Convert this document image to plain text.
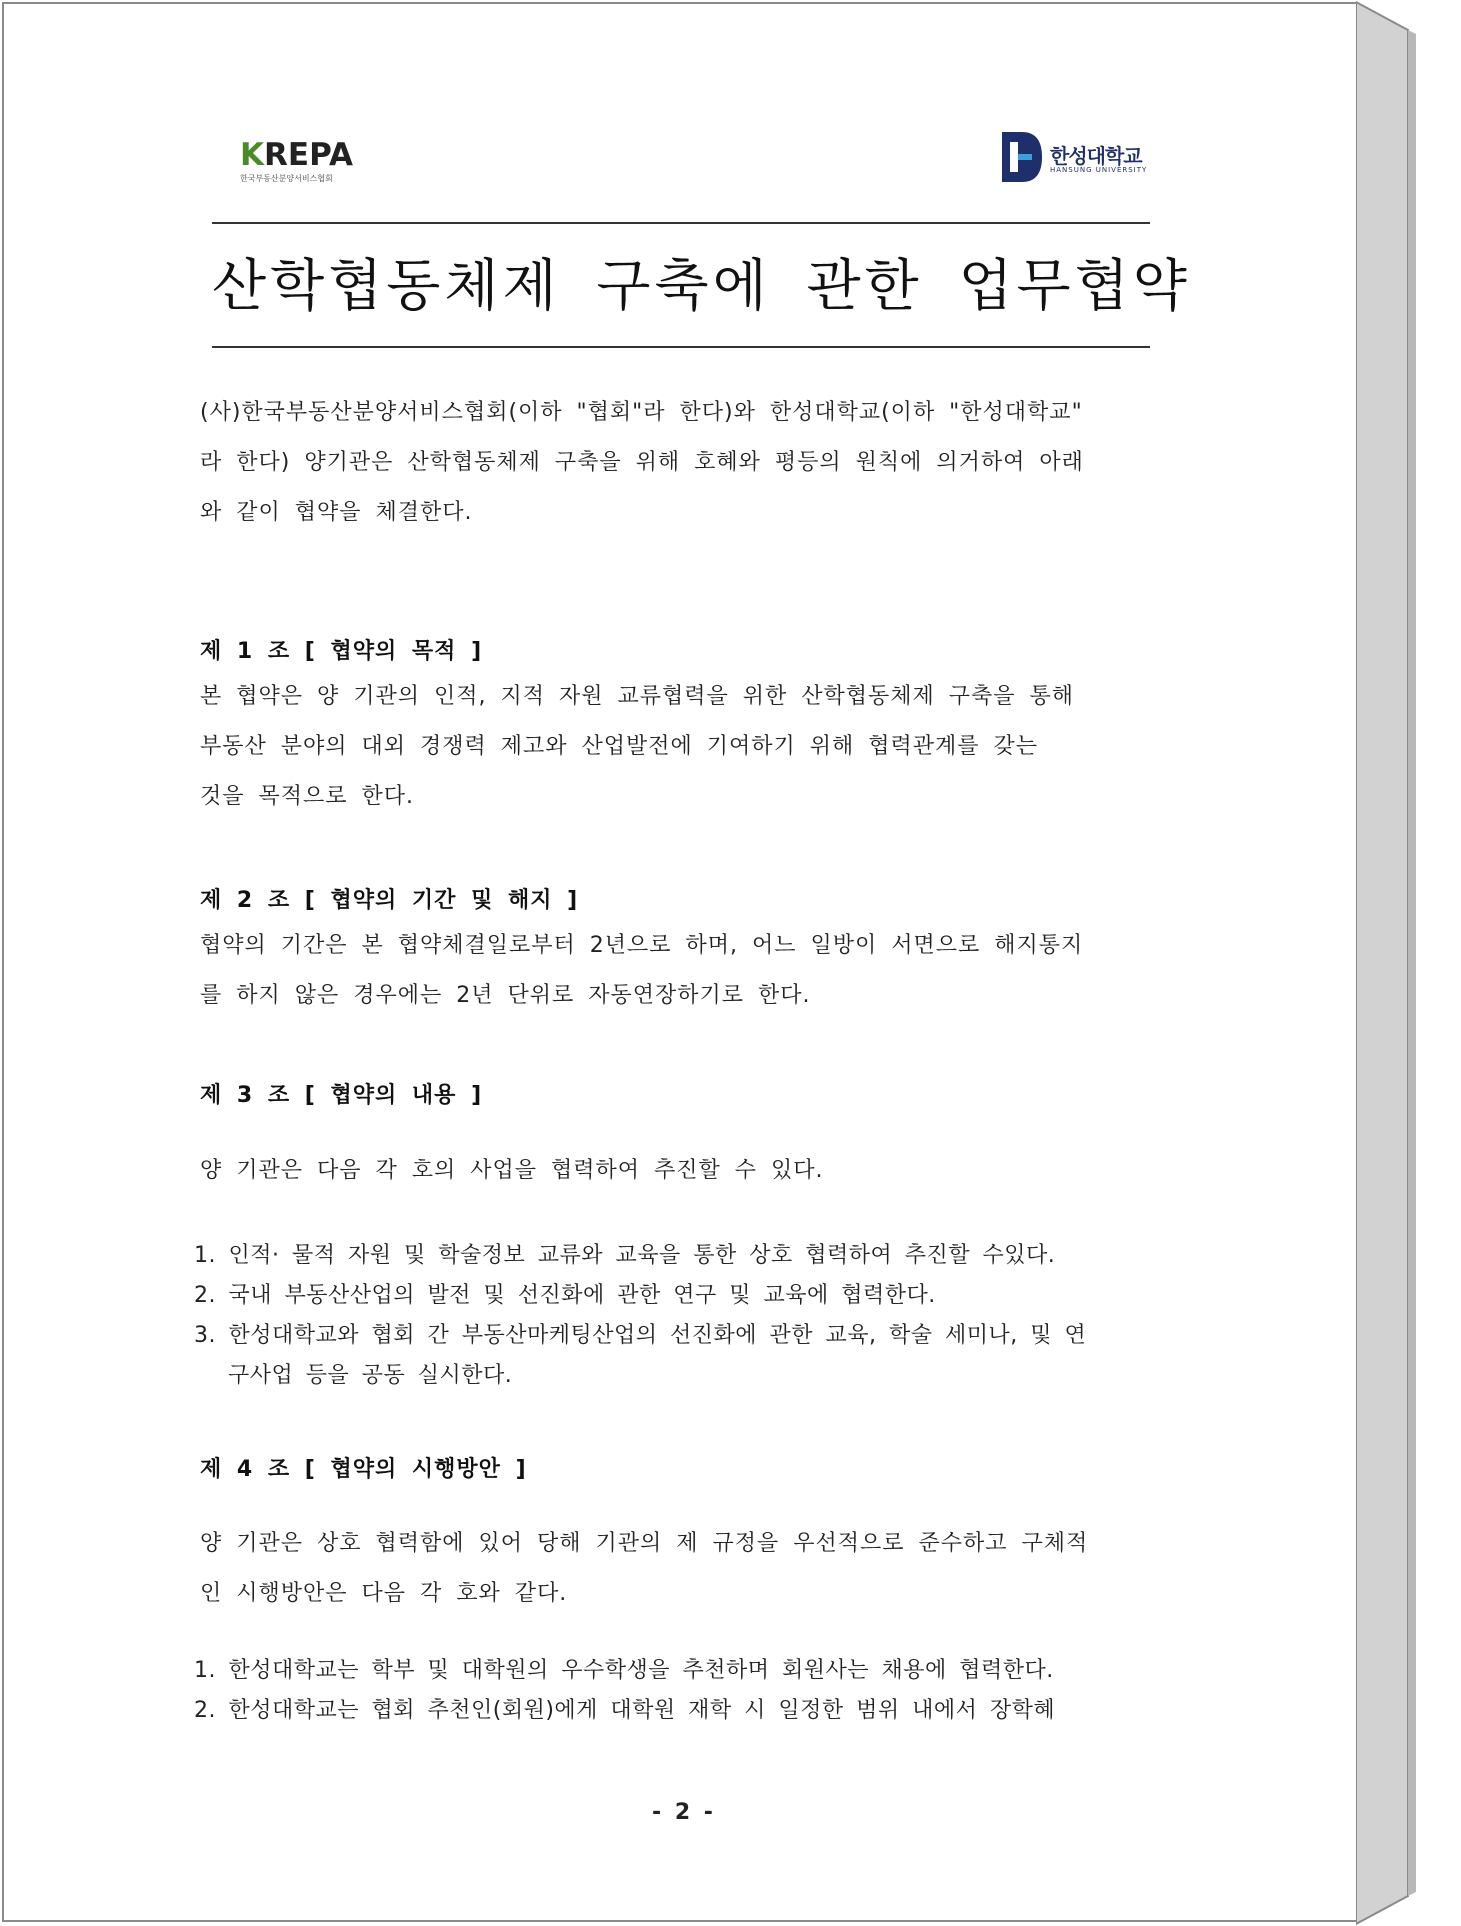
KREPA
한국부동산분양서비스협회
한성대학교
HANSUNG UNIVERSITY
산학협동체제 구축에 관한 업무협약
(사)한국부동산분양서비스협회(이하 "협회"라 한다)와 한성대학교(이하 "한성대학교"
라 한다) 양기관은 산학협동체제 구축을 위해 호혜와 평등의 원칙에 의거하여 아래
와 같이 협약을 체결한다.
제 1 조 [ 협약의 목적 ]
본 협약은 양 기관의 인적, 지적 자원 교류협력을 위한 산학협동체제 구축을 통해
부동산 분야의 대외 경쟁력 제고와 산업발전에 기여하기 위해 협력관계를 갖는
것을 목적으로 한다.
제 2 조 [ 협약의 기간 및 해지 ]
협약의 기간은 본 협약체결일로부터 2년으로 하며, 어느 일방이 서면으로 해지통지
를 하지 않은 경우에는 2년 단위로 자동연장하기로 한다.
제 3 조 [ 협약의 내용 ]
양 기관은 다음 각 호의 사업을 협력하여 추진할 수 있다.
1. 인적· 물적 자원 및 학술정보 교류와 교육을 통한 상호 협력하여 추진할 수있다.
2. 국내 부동산산업의 발전 및 선진화에 관한 연구 및 교육에 협력한다.
3. 한성대학교와 협회 간 부동산마케팅산업의 선진화에 관한 교육, 학술 세미나, 및 연
구사업 등을 공동 실시한다.
제 4 조 [ 협약의 시행방안 ]
양 기관은 상호 협력함에 있어 당해 기관의 제 규정을 우선적으로 준수하고 구체적
인 시행방안은 다음 각 호와 같다.
1. 한성대학교는 학부 및 대학원의 우수학생을 추천하며 회원사는 채용에 협력한다.
2. 한성대학교는 협회 추천인(회원)에게 대학원 재학 시 일정한 범위 내에서 장학혜
- 2 -
